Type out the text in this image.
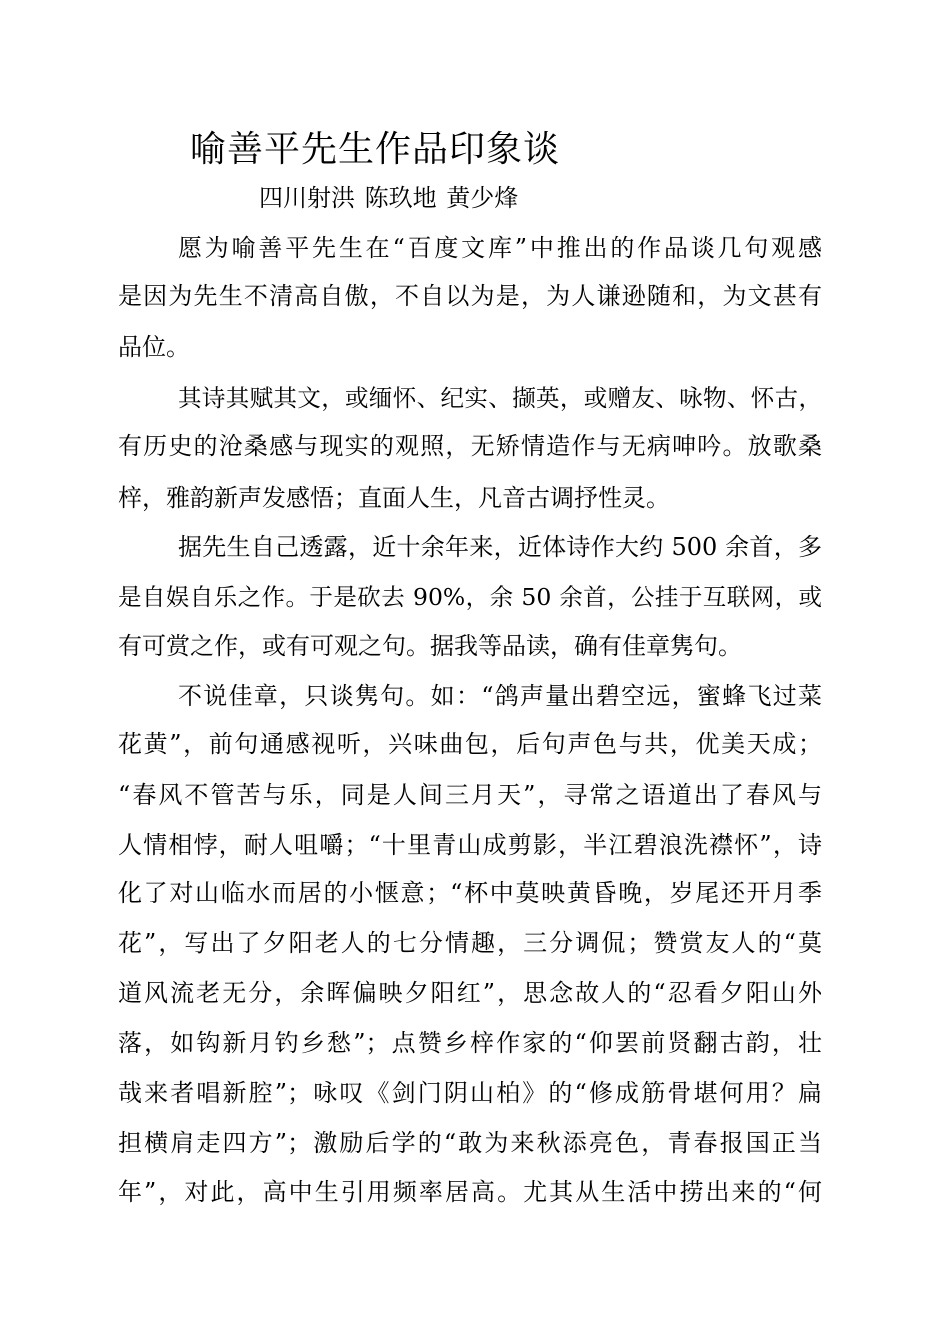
喻善平先生作品印象谈
四川射洪 陈玖地 黄少烽
愿为喻善平先生在“百度文库”中推出的作品谈几句观感
是因为先生不清高自傲，不自以为是，为人谦逊随和，为文甚有
品位。
其诗其赋其文，或缅怀、纪实、撷英，或赠友、咏物、怀古，
有历史的沧桑感与现实的观照，无矫情造作与无病呻吟。放歌桑
梓，雅韵新声发感悟；直面人生，凡音古调抒性灵。
据先生自己透露，近十余年来，近体诗作大约 500 余首，多
是自娱自乐之作。于是砍去 90%，余 50 余首，公挂于互联网，或
有可赏之作，或有可观之句。据我等品读，确有佳章隽句。
不说佳章，只谈隽句。如：“鸽声量出碧空远，蜜蜂飞过菜
花黄”，前句通感视听，兴味曲包，后句声色与共，优美天成；
“春风不管苦与乐，同是人间三月天”，寻常之语道出了春风与
人情相悖，耐人咀嚼；“十里青山成剪影，半江碧浪洗襟怀”，诗
化了对山临水而居的小惬意；“杯中莫映黄昏晚，岁尾还开月季
花”，写出了夕阳老人的七分情趣，三分调侃；赞赏友人的“莫
道风流老无分，余晖偏映夕阳红”，思念故人的“忍看夕阳山外
落，如钩新月钓乡愁”；点赞乡梓作家的“仰罢前贤翻古韵，壮
哉来者唱新腔”；咏叹《剑门阴山柏》的“修成筋骨堪何用？扁
担横肩走四方”；激励后学的“敢为来秋添亮色，青春报国正当
年”，对此，高中生引用频率居高。尤其从生活中捞出来的“何
